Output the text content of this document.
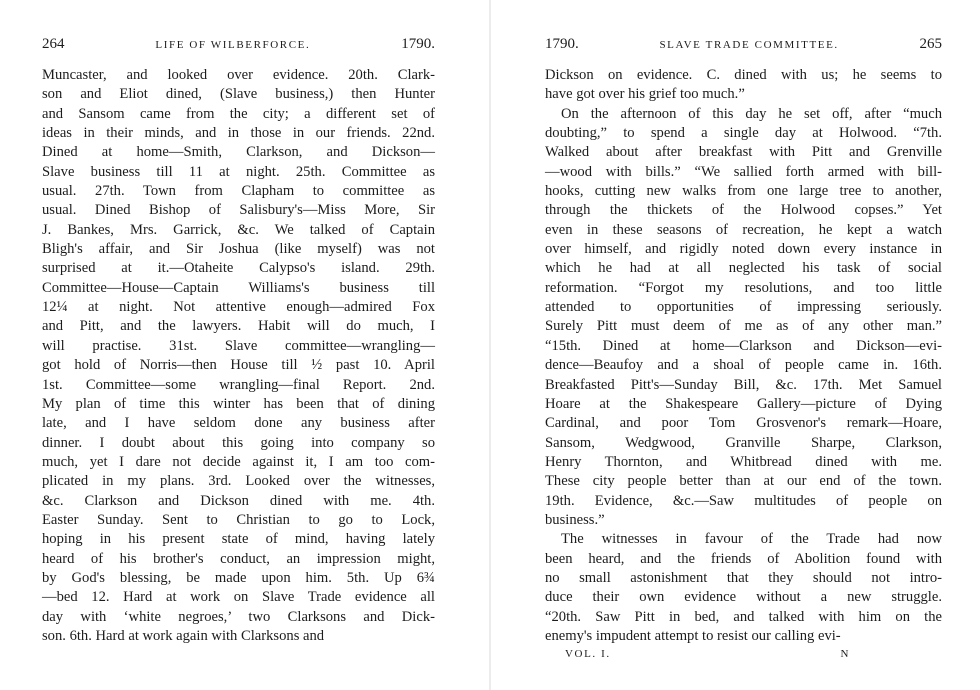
264	LIFE OF WILBERFORCE.	1790.
Muncaster, and looked over evidence. 20th. Clark-
son and Eliot dined, (Slave business,) then Hunter
and Sansom came from the city; a different set of
ideas in their minds, and in those in our friends. 22nd.
Dined at home—Smith, Clarkson, and Dickson—
Slave business till 11 at night. 25th. Committee as
usual. 27th. Town from Clapham to committee as
usual. Dined Bishop of Salisbury's—Miss More, Sir
J. Bankes, Mrs. Garrick, &c. We talked of Captain
Bligh's affair, and Sir Joshua (like myself) was not
surprised at it.—Otaheite Calypso's island. 29th.
Committee—House—Captain Williams's business till
12¼ at night. Not attentive enough—admired Fox
and Pitt, and the lawyers. Habit will do much, I
will practise. 31st. Slave committee—wrangling—
got hold of Norris—then House till ½ past 10. April
1st. Committee—some wrangling—final Report. 2nd.
My plan of time this winter has been that of dining
late, and I have seldom done any business after
dinner. I doubt about this going into company so
much, yet I dare not decide against it, I am too com-
plicated in my plans. 3rd. Looked over the witnesses,
&c. Clarkson and Dickson dined with me. 4th.
Easter Sunday. Sent to Christian to go to Lock,
hoping in his present state of mind, having lately
heard of his brother's conduct, an impression might,
by God's blessing, be made upon him. 5th. Up 6¾
—bed 12. Hard at work on Slave Trade evidence all
day with ‘white negroes,’ two Clarksons and Dick-
son. 6th. Hard at work again with Clarksons and
1790.	SLAVE TRADE COMMITTEE.	265
Dickson on evidence. C. dined with us; he seems to
have got over his grief too much.”
On the afternoon of this day he set off, after “much
doubting,” to spend a single day at Holwood. “7th.
Walked about after breakfast with Pitt and Grenville
—wood with bills.” “We sallied forth armed with bill-
hooks, cutting new walks from one large tree to another,
through the thickets of the Holwood copses.” Yet
even in these seasons of recreation, he kept a watch
over himself, and rigidly noted down every instance in
which he had at all neglected his task of social
reformation. “Forgot my resolutions, and too little
attended to opportunities of impressing seriously.
Surely Pitt must deem of me as of any other man.”
“15th. Dined at home—Clarkson and Dickson—evi-
dence—Beaufoy and a shoal of people came in. 16th.
Breakfasted Pitt's—Sunday Bill, &c. 17th. Met Samuel
Hoare at the Shakespeare Gallery—picture of Dying
Cardinal, and poor Tom Grosvenor's remark—Hoare,
Sansom, Wedgwood, Granville Sharpe, Clarkson,
Henry Thornton, and Whitbread dined with me.
These city people better than at our end of the town.
19th. Evidence, &c.—Saw multitudes of people on
business.”
The witnesses in favour of the Trade had now
been heard, and the friends of Abolition found with
no small astonishment that they should not intro-
duce their own evidence without a new struggle.
“20th. Saw Pitt in bed, and talked with him on the
enemy's impudent attempt to resist our calling evi-
VOL. I.	N
